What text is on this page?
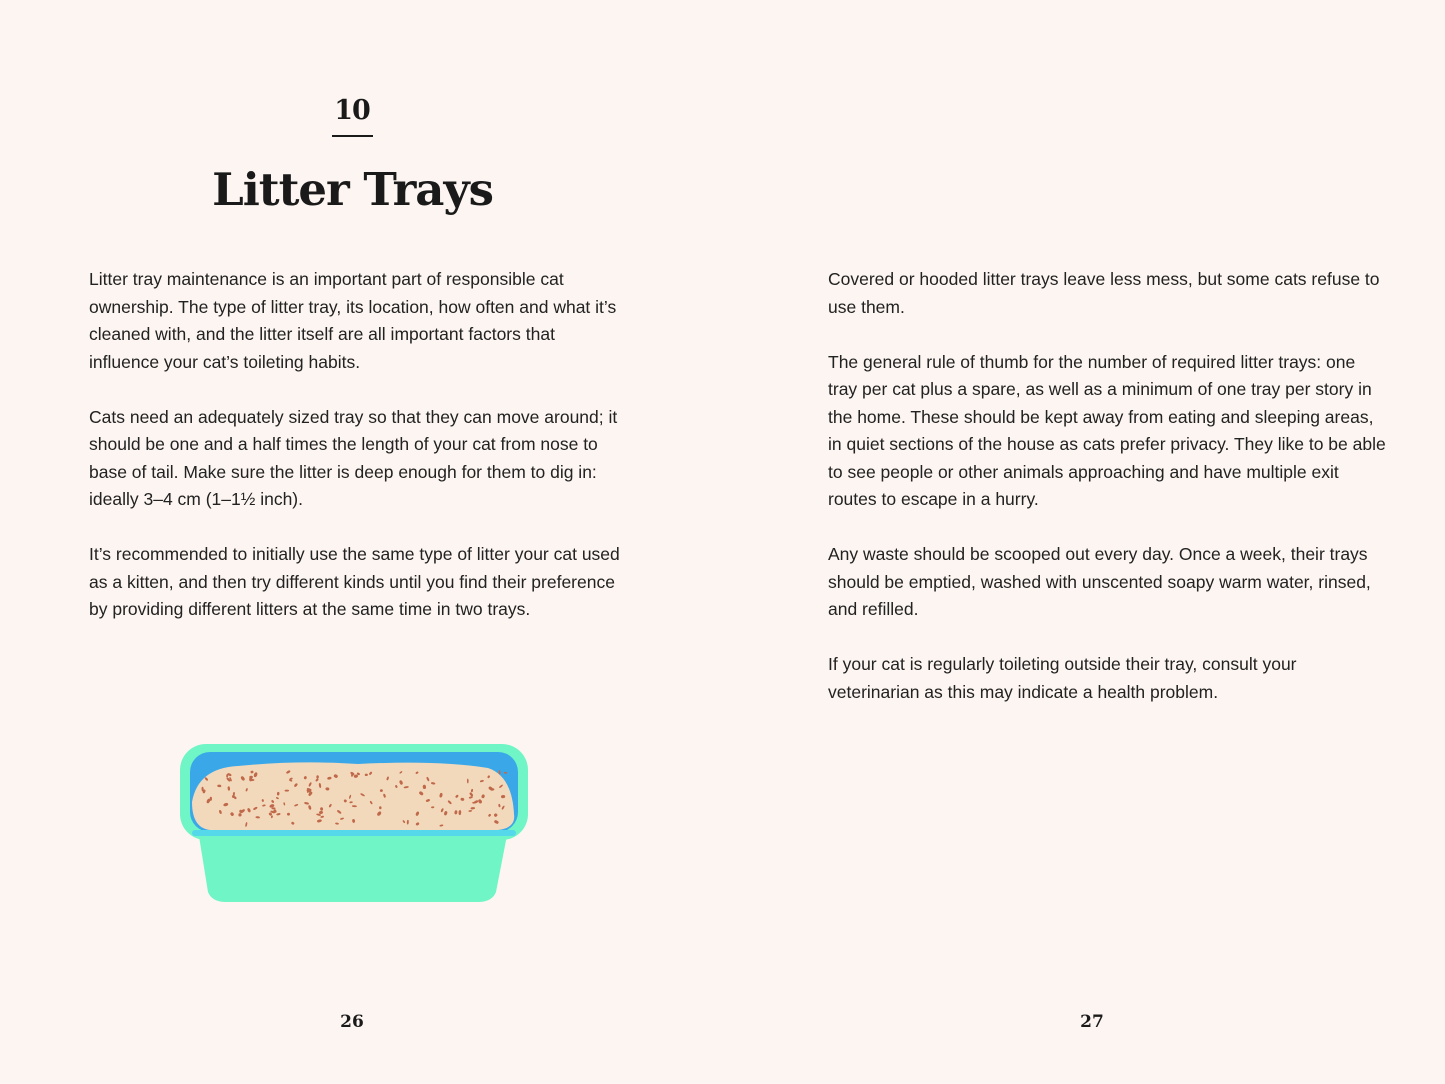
10
Litter Trays

Litter tray maintenance is an important part of responsible cat ownership. The type of litter tray, its location, how often and what it’s cleaned with, and the litter itself are all important factors that influence your cat’s toileting habits.

Cats need an adequately sized tray so that they can move around; it should be one and a half times the length of your cat from nose to base of tail. Make sure the litter is deep enough for them to dig in: ideally 3–4 cm (1–1½ inch).

It’s recommended to initially use the same type of litter your cat used as a kitten, and then try different kinds until you find their preference by providing different litters at the same time in two trays.

26

Covered or hooded litter trays leave less mess, but some cats refuse to use them.

The general rule of thumb for the number of required litter trays: one tray per cat plus a spare, as well as a minimum of one tray per story in the home. These should be kept away from eating and sleeping areas, in quiet sections of the house as cats prefer privacy. They like to be able to see people or other animals approaching and have multiple exit routes to escape in a hurry.

Any waste should be scooped out every day. Once a week, their trays should be emptied, washed with unscented soapy warm water, rinsed, and refilled.

If your cat is regularly toileting outside their tray, consult your veterinarian as this may indicate a health problem.

27
